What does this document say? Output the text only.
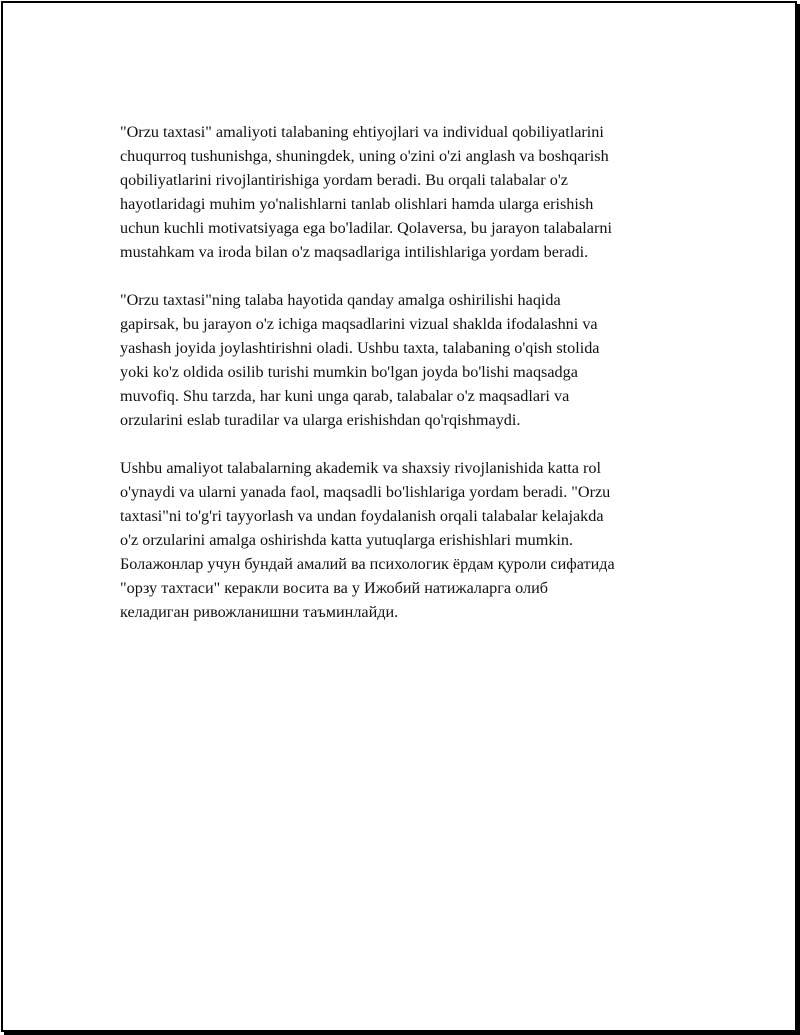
"Orzu taxtasi" amaliyoti talabaning ehtiyojlari va individual qobiliyatlarini
chuqurroq tushunishga, shuningdek, uning o'zini o'zi anglash va boshqarish
qobiliyatlarini rivojlantirishiga yordam beradi. Bu orqali talabalar o'z
hayotlaridagi muhim yo'nalishlarni tanlab olishlari hamda ularga erishish
uchun kuchli motivatsiyaga ega bo'ladilar. Qolaversa, bu jarayon talabalarni
mustahkam va iroda bilan o'z maqsadlariga intilishlariga yordam beradi.

"Orzu taxtasi"ning talaba hayotida qanday amalga oshirilishi haqida
gapirsak, bu jarayon o'z ichiga maqsadlarini vizual shaklda ifodalashni va
yashash joyida joylashtirishni oladi. Ushbu taxta, talabaning o'qish stolida
yoki ko'z oldida osilib turishi mumkin bo'lgan joyda bo'lishi maqsadga
muvofiq. Shu tarzda, har kuni unga qarab, talabalar o'z maqsadlari va
orzularini eslab turadilar va ularga erishishdan qo'rqishmaydi.

Ushbu amaliyot talabalarning akademik va shaxsiy rivojlanishida katta rol
o'ynaydi va ularni yanada faol, maqsadli bo'lishlariga yordam beradi. "Orzu
taxtasi"ni to'g'ri tayyorlash va undan foydalanish orqali talabalar kelajakda
o'z orzularini amalga oshirishda katta yutuqlarga erishishlari mumkin.
Болажонлар учун бундай амалий ва психологик ёрдам қуроли сифатида
"орзу тахтаси" керакли восита ва у Ижобий натижаларга олиб
келадиган ривожланишни таъминлайди.
